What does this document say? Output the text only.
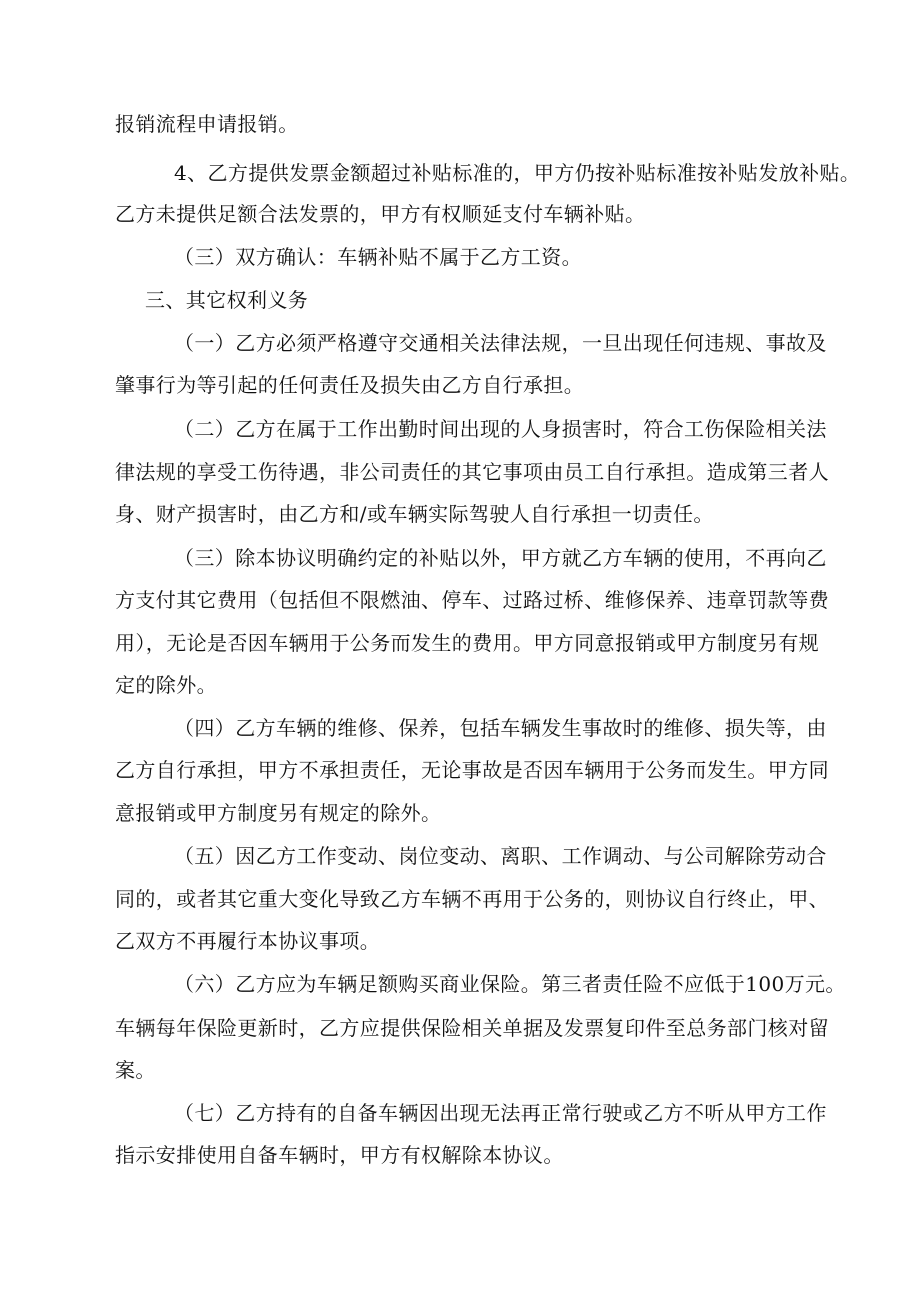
报销流程申请报销。
4、乙方提供发票金额超过补贴标准的，甲方仍按补贴标准按补贴发放补贴。
乙方未提供足额合法发票的，甲方有权顺延支付车辆补贴。
（三）双方确认：车辆补贴不属于乙方工资。
三、其它权利义务
（一）乙方必须严格遵守交通相关法律法规，一旦出现任何违规、事故及
肇事行为等引起的任何责任及损失由乙方自行承担。
（二）乙方在属于工作出勤时间出现的人身损害时，符合工伤保险相关法
律法规的享受工伤待遇，非公司责任的其它事项由员工自行承担。造成第三者人
身、财产损害时，由乙方和/或车辆实际驾驶人自行承担一切责任。
（三）除本协议明确约定的补贴以外，甲方就乙方车辆的使用，不再向乙
方支付其它费用（包括但不限燃油、停车、过路过桥、维修保养、违章罚款等费
用），无论是否因车辆用于公务而发生的费用。甲方同意报销或甲方制度另有规
定的除外。
（四）乙方车辆的维修、保养，包括车辆发生事故时的维修、损失等，由
乙方自行承担，甲方不承担责任，无论事故是否因车辆用于公务而发生。甲方同
意报销或甲方制度另有规定的除外。
（五）因乙方工作变动、岗位变动、离职、工作调动、与公司解除劳动合
同的，或者其它重大变化导致乙方车辆不再用于公务的，则协议自行终止，甲、
乙双方不再履行本协议事项。
（六）乙方应为车辆足额购买商业保险。第三者责任险不应低于100万元。
车辆每年保险更新时，乙方应提供保险相关单据及发票复印件至总务部门核对留
案。
（七）乙方持有的自备车辆因出现无法再正常行驶或乙方不听从甲方工作
指示安排使用自备车辆时，甲方有权解除本协议。
